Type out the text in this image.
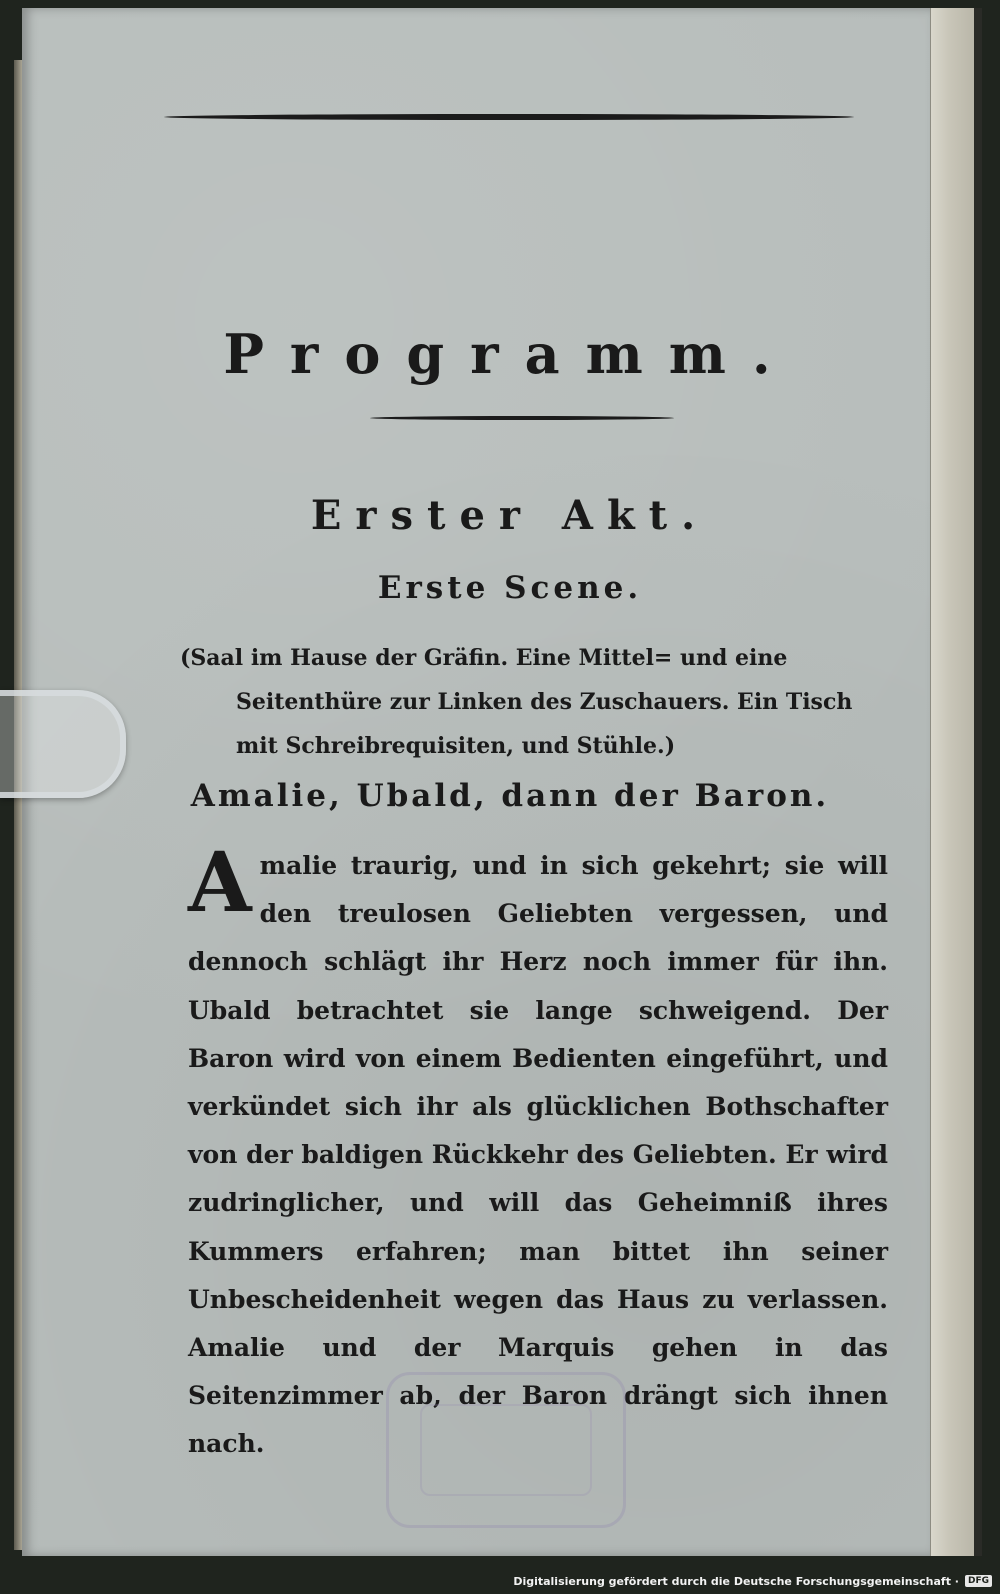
Programm.
Erster Akt.
Erste Scene.

(Saal im Hause der Gräfin. Eine Mittel= und eine Seitenthüre zur Linken des Zuschauers. Ein Tisch mit Schreibrequisiten, und Stühle.)

Amalie, Ubald, dann der Baron.

A malie traurig, und in sich gekehrt; sie will den treulosen Geliebten vergessen, und dennoch schlägt ihr Herz noch immer für ihn. Ubald betrachtet sie lange schweigend. Der Baron wird von einem Bedienten eingeführt, und verkündet sich ihr als glücklichen Bothschafter von der baldigen Rückkehr des Geliebten. Er wird zudringlicher, und will das Geheimniß ihres Kummers erfahren; man bittet ihn seiner Unbescheidenheit wegen das Haus zu verlassen. Amalie und der Marquis gehen in das Seitenzimmer ab, der Baron drängt sich ihnen nach.
Digitalisierung gefördert durch die Deutsche Forschungsgemeinschaft ·	DFG
